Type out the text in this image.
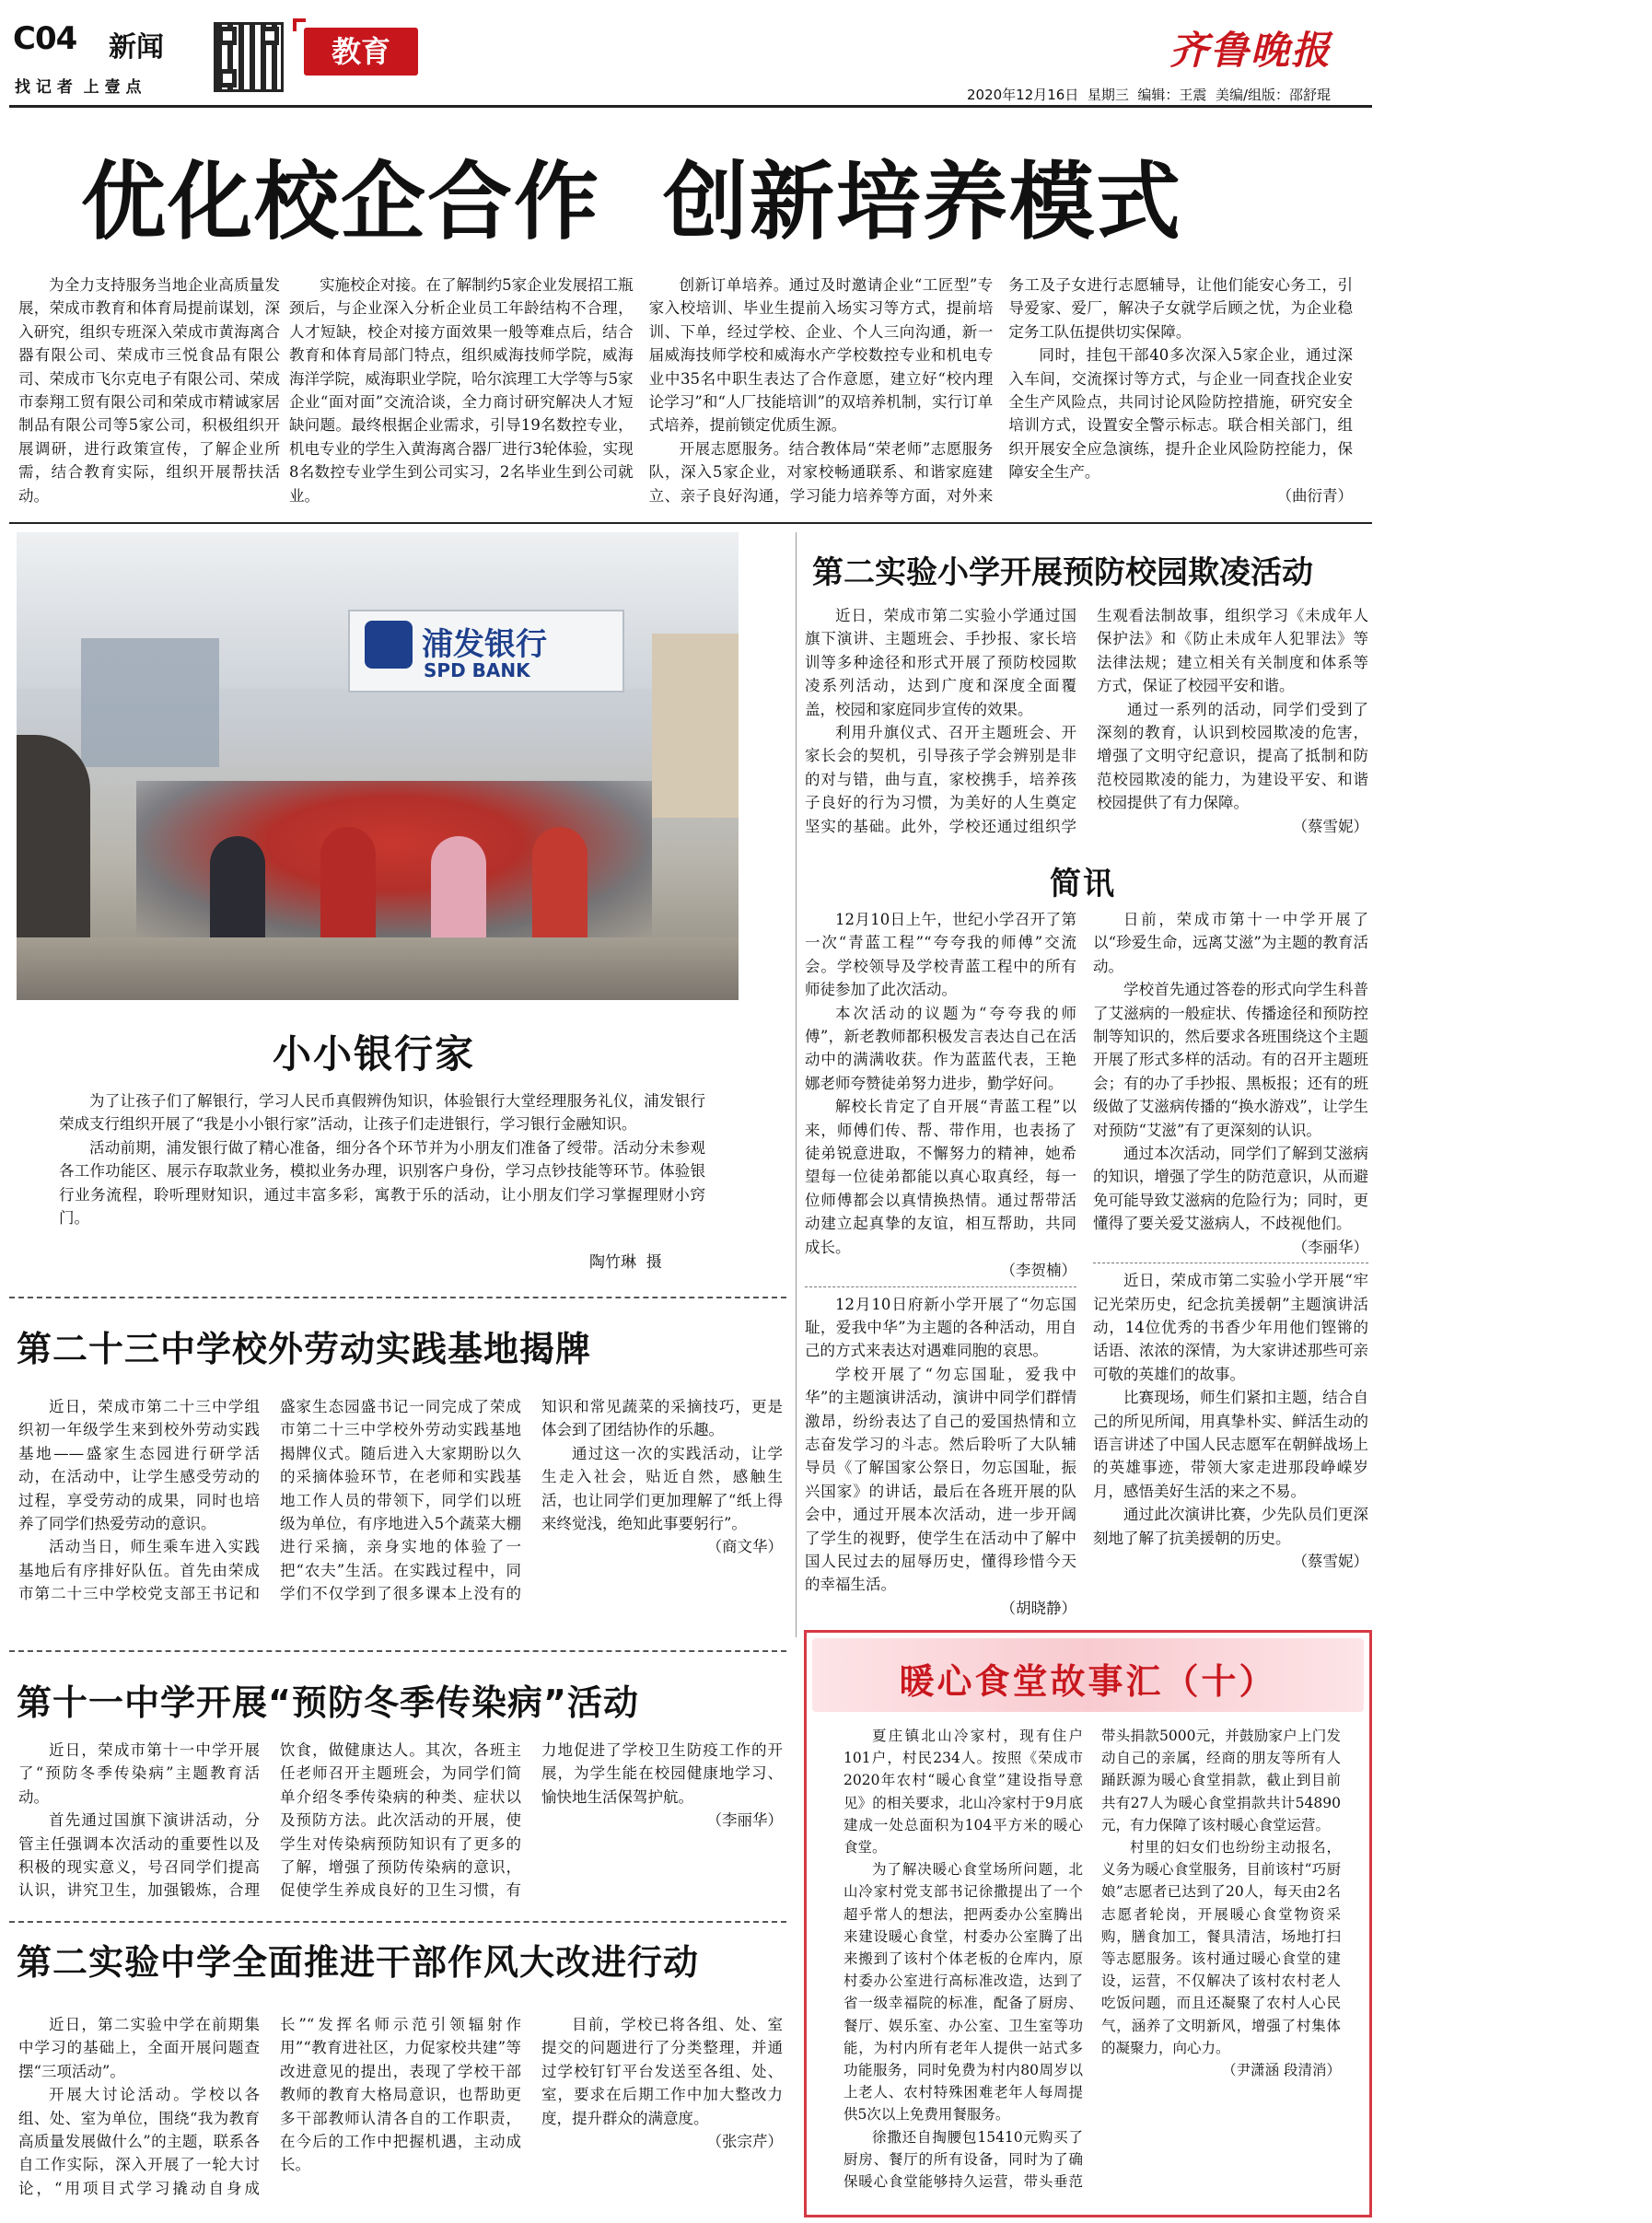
C04 新闻
找 记 者  上 壹 点
教育	齐鲁晚报
2020年12月16日  星期三  编辑：王震  美编/组版：邵舒琨
优化校企合作  创新培养模式

为全力支持服务当地企业高质量发展，荣成市教育和体育局提前谋划，深入研究，组织专班深入荣成市黄海离合器有限公司、荣成市三悦食品有限公司、荣成市飞尔克电子有限公司、荣成市泰翔工贸有限公司和荣成市精诚家居制品有限公司等5家公司，积极组织开展调研，进行政策宣传，了解企业所需，结合教育实际，组织开展帮扶活动。

实施校企对接。在了解制约5家企业发展招工瓶颈后，与企业深入分析企业员工年龄结构不合理，人才短缺，校企对接方面效果一般等难点后，结合教育和体育局部门特点，组织威海技师学院，威海海洋学院，威海职业学院，哈尔滨理工大学等与5家企业“面对面”交流洽谈，全力商讨研究解决人才短缺问题。最终根据企业需求，引导19名数控专业，机电专业的学生入黄海离合器厂进行3轮体验，实现8名数控专业学生到公司实习，2名毕业生到公司就业。

创新订单培养。通过及时邀请企业“工匠型”专家入校培训、毕业生提前入场实习等方式，提前培训、下单，经过学校、企业、个人三向沟通，新一届威海技师学校和威海水产学校数控专业和机电专业中35名中职生表达了合作意愿，建立好“校内理论学习”和“人厂技能培训”的双培养机制，实行订单式培养，提前锁定优质生源。

开展志愿服务。结合教体局“荣老师”志愿服务队，深入5家企业，对家校畅通联系、和谐家庭建立、亲子良好沟通，学习能力培养等方面，对外来务工及子女进行志愿辅导，让他们能安心务工，引导爱家、爱厂，解决子女就学后顾之忧，为企业稳定务工队伍提供切实保障。

同时，挂包干部40多次深入5家企业，通过深入车间，交流探讨等方式，与企业一同查找企业安全生产风险点，共同讨论风险防控措施，研究安全培训方式，设置安全警示标志。联合相关部门，组织开展安全应急演练，提升企业风险防控能力，保障安全生产。

（曲衍青）

浦发银行
SPD BANK
小小银行家

为了让孩子们了解银行，学习人民币真假辨伪知识，体验银行大堂经理服务礼仪，浦发银行荣成支行组织开展了“我是小小银行家”活动，让孩子们走进银行，学习银行金融知识。

活动前期，浦发银行做了精心准备，细分各个环节并为小朋友们准备了绶带。活动分未参观各工作功能区、展示存取款业务，模拟业务办理，识别客户身份，学习点钞技能等环节。体验银行业务流程，聆听理财知识，通过丰富多彩，寓教于乐的活动，让小朋友们学习掌握理财小窍门。

陶竹琳  摄
第二十三中学校外劳动实践基地揭牌

近日，荣成市第二十三中学组织初一年级学生来到校外劳动实践基地——盛家生态园进行研学活动，在活动中，让学生感受劳动的过程，享受劳动的成果，同时也培养了同学们热爱劳动的意识。

活动当日，师生乘车进入实践基地后有序排好队伍。首先由荣成市第二十三中学校党支部王书记和盛家生态园盛书记一同完成了荣成市第二十三中学校外劳动实践基地揭牌仪式。随后进入大家期盼以久的采摘体验环节，在老师和实践基地工作人员的带领下，同学们以班级为单位，有序地进入5个蔬菜大棚进行采摘，亲身实地的体验了一把“农夫”生活。在实践过程中，同学们不仅学到了很多课本上没有的知识和常见蔬菜的采摘技巧，更是体会到了团结协作的乐趣。

通过这一次的实践活动，让学生走入社会，贴近自然，感触生活，也让同学们更加理解了“纸上得来终觉浅，绝知此事要躬行”。

（商文华）

第十一中学开展“预防冬季传染病”活动

近日，荣成市第十一中学开展了“预防冬季传染病”主题教育活动。

首先通过国旗下演讲活动，分管主任强调本次活动的重要性以及积极的现实意义，号召同学们提高认识，讲究卫生，加强锻炼，合理饮食，做健康达人。其次，各班主任老师召开主题班会，为同学们简单介绍冬季传染病的种类、症状以及预防方法。此次活动的开展，使学生对传染病预防知识有了更多的了解，增强了预防传染病的意识，促使学生养成良好的卫生习惯，有力地促进了学校卫生防疫工作的开展，为学生能在校园健康地学习、愉快地生活保驾护航。

（李丽华）

第二实验中学全面推进干部作风大改进行动

近日，第二实验中学在前期集中学习的基础上，全面开展问题查摆“三项活动”。

开展大讨论活动。学校以各组、处、室为单位，围绕“我为教育高质量发展做什么”的主题，联系各自工作实际，深入开展了一轮大讨论，“用项目式学习撬动自身成长”“发挥名师示范引领辐射作用”“教育进社区，力促家校共建”等改进意见的提出，表现了学校干部教师的教育大格局意识，也帮助更多干部教师认清各自的工作职责，在今后的工作中把握机遇，主动成长。

目前，学校已将各组、处、室提交的问题进行了分类整理，并通过学校钉钉平台发送至各组、处、室，要求在后期工作中加大整改力度，提升群众的满意度。

（张宗芹）

第二实验小学开展预防校园欺凌活动

近日，荣成市第二实验小学通过国旗下演讲、主题班会、手抄报、家长培训等多种途径和形式开展了预防校园欺凌系列活动，达到广度和深度全面覆盖，校园和家庭同步宣传的效果。

利用升旗仪式、召开主题班会、开家长会的契机，引导孩子学会辨别是非的对与错，曲与直，家校携手，培养孩子良好的行为习惯，为美好的人生奠定坚实的基础。此外，学校还通过组织学生观看法制故事，组织学习《未成年人保护法》和《防止未成年人犯罪法》等法律法规；建立相关有关制度和体系等方式，保证了校园平安和谐。

通过一系列的活动，同学们受到了深刻的教育，认识到校园欺凌的危害，增强了文明守纪意识，提高了抵制和防范校园欺凌的能力，为建设平安、和谐校园提供了有力保障。

（蔡雪妮）

简讯

12月10日上午，世纪小学召开了第一次“青蓝工程”“夸夸我的师傅”交流会。学校领导及学校青蓝工程中的所有师徒参加了此次活动。

本次活动的议题为“夸夸我的师傅”，新老教师都积极发言表达自己在活动中的满满收获。作为蓝蓝代表，王艳娜老师夸赞徒弟努力进步，勤学好问。

解校长肯定了自开展“青蓝工程”以来，师傅们传、帮、带作用，也表扬了徒弟锐意进取，不懈努力的精神，她希望每一位徒弟都能以真心取真经，每一位师傅都会以真情换热情。通过帮带活动建立起真挚的友谊，相互帮助，共同成长。

（李贺楠）

12月10日府新小学开展了“勿忘国耻，爱我中华”为主题的各种活动，用自己的方式来表达对遇难同胞的哀思。

学校开展了“勿忘国耻，爱我中华”的主题演讲活动，演讲中同学们群情激昂，纷纷表达了自己的爱国热情和立志奋发学习的斗志。然后聆听了大队辅导员《了解国家公祭日，勿忘国耻，振兴国家》的讲话，最后在各班开展的队会中，通过开展本次活动，进一步开阔了学生的视野，使学生在活动中了解中国人民过去的屈辱历史，懂得珍惜今天的幸福生活。

（胡晓静）

日前，荣成市第十一中学开展了以“珍爱生命，远离艾滋”为主题的教育活动。

学校首先通过答卷的形式向学生科普了艾滋病的一般症状、传播途径和预防控制等知识的，然后要求各班围绕这个主题开展了形式多样的活动。有的召开主题班会；有的办了手抄报、黑板报；还有的班级做了艾滋病传播的“换水游戏”，让学生对预防“艾滋”有了更深刻的认识。

通过本次活动，同学们了解到艾滋病的知识，增强了学生的防范意识，从而避免可能导致艾滋病的危险行为；同时，更懂得了要关爱艾滋病人，不歧视他们。

（李丽华）

近日，荣成市第二实验小学开展“牢记光荣历史，纪念抗美援朝”主题演讲活动，14位优秀的书香少年用他们铿锵的话语、浓浓的深情，为大家讲述那些可亲可敬的英雄们的故事。

比赛现场，师生们紧扣主题，结合自己的所见所闻，用真挚朴实、鲜活生动的语言讲述了中国人民志愿军在朝鲜战场上的英雄事迹，带领大家走进那段峥嵘岁月，感悟美好生活的来之不易。

通过此次演讲比赛，少先队员们更深刻地了解了抗美援朝的历史。

（蔡雪妮）

暖心食堂故事汇（十）

夏庄镇北山冷家村，现有住户101户，村民234人。按照《荣成市2020年农村“暖心食堂”建设指导意见》的相关要求，北山冷家村于9月底建成一处总面积为104平方米的暖心食堂。

为了解决暖心食堂场所问题，北山冷家村党支部书记徐撒提出了一个超乎常人的想法，把两委办公室腾出来建设暖心食堂，村委办公室腾了出来搬到了该村个体老板的仓库内，原村委办公室进行高标准改造，达到了省一级幸福院的标准，配备了厨房、餐厅、娱乐室、办公室、卫生室等功能，为村内所有老年人提供一站式多功能服务，同时免费为村内80周岁以上老人、农村特殊困难老年人每周提供5次以上免费用餐服务。

徐撒还自掏腰包15410元购买了厨房、餐厅的所有设备，同时为了确保暖心食堂能够持久运营，带头垂范带头捐款5000元，并鼓励家户上门发动自己的亲属，经商的朋友等所有人踊跃源为暖心食堂捐款，截止到目前共有27人为暖心食堂捐款共计54890元，有力保障了该村暖心食堂运营。

村里的妇女们也纷纷主动报名，义务为暖心食堂服务，目前该村“巧厨娘”志愿者已达到了20人，每天由2名志愿者轮岗，开展暖心食堂物资采购，膳食加工，餐具清洁，场地打扫等志愿服务。该村通过暖心食堂的建设，运营，不仅解决了该村农村老人吃饭问题，而且还凝聚了农村人心民气，涵养了文明新风，增强了村集体的凝聚力，向心力。

（尹潇涵 段清消）
